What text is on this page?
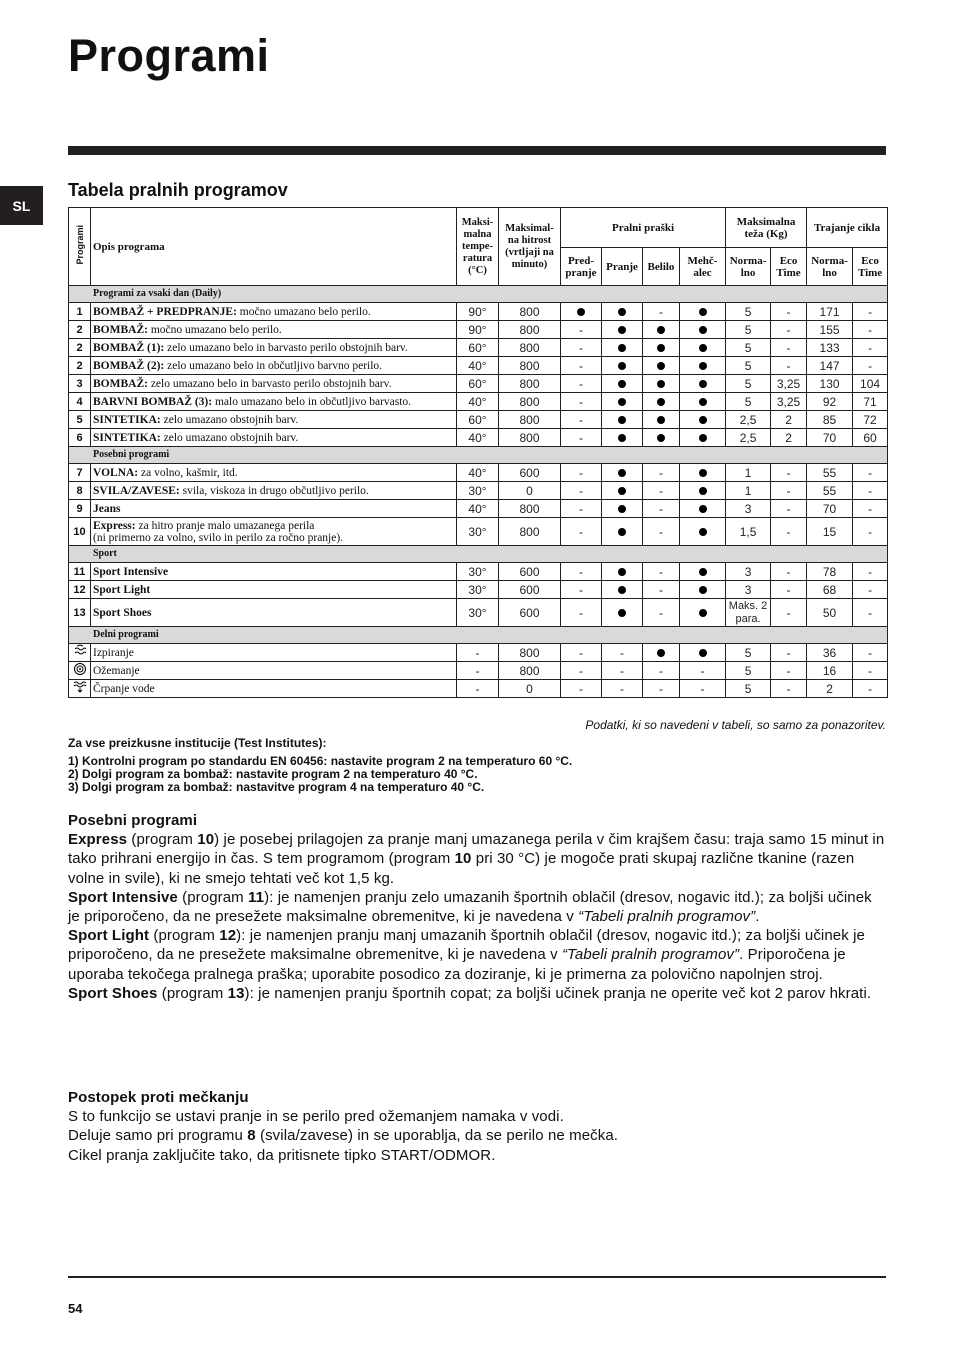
Programi
SL
Tabela pralnih programov
Programi	Opis programa	Maksi-malna tempe-ratura (°C)	Maksimal-na hitrost (vrtljaji na minuto)	Pralni praški				Maksimalna teža (Kg)		Trajanje cikla	
				Pred-pranje	Pranje	Belilo	Mehč-alec	Norma-lno	Eco Time	Norma-lno	Eco Time
Programi za vsaki dan (Daily)											
1	BOMBAŽ + PREDPRANJE: močno umazano belo perilo.	90°	800			-		5	-	171	-
2	BOMBAŽ: močno umazano belo perilo.	90°	800	-				5	-	155	-
2	BOMBAŽ (1): zelo umazano belo in barvasto perilo obstojnih barv.	60°	800	-				5	-	133	-
2	BOMBAŽ (2): zelo umazano belo in občutljivo barvno perilo.	40°	800	-				5	-	147	-
3	BOMBAŽ: zelo umazano belo in barvasto perilo obstojnih barv.	60°	800	-				5	3,25	130	104
4	BARVNI BOMBAŽ (3): malo umazano belo in občutljivo barvasto.	40°	800	-				5	3,25	92	71
5	SINTETIKA: zelo umazano obstojnih barv.	60°	800	-				2,5	2	85	72
6	SINTETIKA: zelo umazano obstojnih barv.	40°	800	-				2,5	2	70	60
Posebni programi											
7	VOLNA: za volno, kašmir, itd.	40°	600	-		-		1	-	55	-
8	SVILA/ZAVESE: svila, viskoza in drugo občutljivo perilo.	30°	0	-		-		1	-	55	-
9	Jeans	40°	800	-		-		3	-	70	-
10	Express: za hitro pranje malo umazanega perila
(ni primerno za volno, svilo in perilo za ročno pranje).	30°	800	-		-		1,5	-	15	-
Sport											
11	Sport Intensive	30°	600	-		-		3	-	78	-
12	Sport Light	30°	600	-		-		3	-	68	-
13	Sport Shoes	30°	600	-		-		Maks. 2 para.	-	50	-
Delni programi											
	Izpiranje	-	800	-	-			5	-	36	-
	Ožemanje	-	800	-	-	-	-	5	-	16	-
	Črpanje vode	-	0	-	-	-	-	5	-	2	-
Podatki, ki so navedeni v tabeli, so samo za ponazoritev.
Za vse preizkusne institucije (Test Institutes):
1) Kontrolni program po standardu EN 60456: nastavite program 2 na temperaturo 60 °C.
2) Dolgi program za bombaž: nastavite program 2 na temperaturo 40 °C.
3) Dolgi program za bombaž: nastavitve program 4 na temperaturo 40 °C.

Posebni programi

Express (program 10) je posebej prilagojen za pranje manj umazanega perila v čim krajšem času: traja samo 15 minut in tako prihrani energijo in čas. S tem programom (program 10 pri 30 °C) je mogoče prati skupaj različne tkanine (razen volne in svile), ki ne smejo tehtati več kot 1,5 kg.

Sport Intensive (program 11): je namenjen pranju zelo umazanih športnih oblačil (dresov, nogavic itd.); za boljši učinek je priporočeno, da ne presežete maksimalne obremenitve, ki je navedena v “Tabeli pralnih programov”.

Sport Light (program 12): je namenjen pranju manj umazanih športnih oblačil (dresov, nogavic itd.); za boljši učinek je priporočeno, da ne presežete maksimalne obremenitve, ki je navedena v “Tabeli pralnih programov”. Priporočena je uporaba tekočega pralnega praška; uporabite posodico za doziranje, ki je primerna za polovično napolnjen stroj.

Sport Shoes (program 13): je namenjen pranju športnih copat; za boljši učinek pranja ne operite več kot 2 parov hkrati.

Postopek proti mečkanju

S to funkcijo se ustavi pranje in se perilo pred ožemanjem namaka v vodi.

Deluje samo pri programu 8 (svila/zavese) in se uporablja, da se perilo ne mečka.

Cikel pranja zaključite tako, da pritisnete tipko START/ODMOR.

54
